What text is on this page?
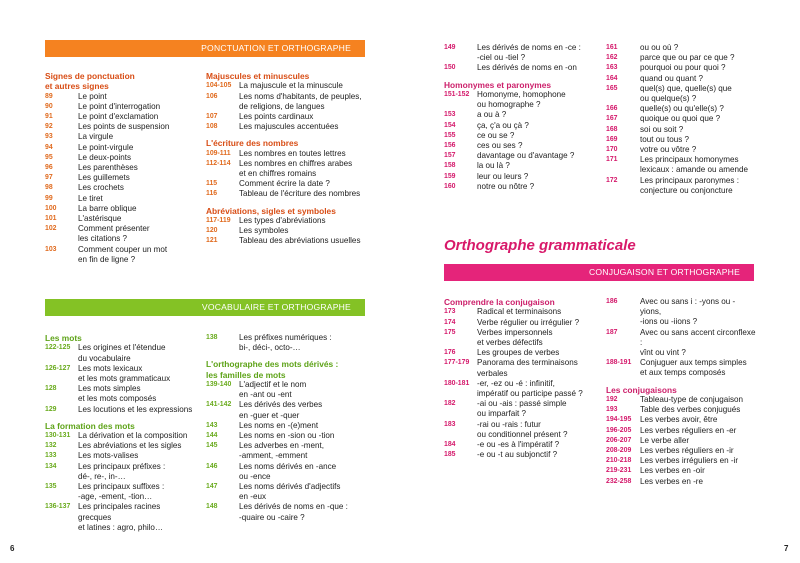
PONCTUATION ET ORTHOGRAPHE
VOCABULAIRE ET ORTHOGRAPHE
CONJUGAISON ET ORTHOGRAPHE
Orthographe grammaticale
Signes de ponctuation
et autres signes
89	Le point
90	Le point d'interrogation
91	Le point d'exclamation
92	Les points de suspension
93	La virgule
94	Le point-virgule
95	Le deux-points
96	Les parenthèses
97	Les guillemets
98	Les crochets
99	Le tiret
100	La barre oblique
101	L'astérisque
102	Comment présenter
les citations ?
103	Comment couper un mot
en fin de ligne ?
Majuscules et minuscules
104-105 La majuscule et la minuscule
106	Les noms d'habitants, de peuples,
de religions, de langues
107	Les points cardinaux
108	Les majuscules accentuées
L'écriture des nombres
109-111 Les nombres en toutes lettres
112-114 Les nombres en chiffres arabes
et en chiffres romains
115	Comment écrire la date ?
116	Tableau de l'écriture des nombres
Abréviations, sigles et symboles
117-119 Les types d'abréviations
120	Les symboles
121	Tableau des abréviations usuelles
Les mots
122-125 Les origines et l'étendue
du vocabulaire
126-127 Les mots lexicaux
et les mots grammaticaux
128	Les mots simples
et les mots composés
129	Les locutions et les expressions
La formation des mots
130-131 La dérivation et la composition
132	Les abréviations et les sigles
133	Les mots-valises
134	Les principaux préfixes :
dé-, re-, in-…
135	Les principaux suffixes :
-age, -ement, -tion…
136-137 Les principales racines grecques
et latines : agro, philo…
138	Les préfixes numériques :
bi-, déci-, octo-…
L'orthographe des mots dérivés :
les familles de mots
139-140 L'adjectif et le nom
en -ant ou -ent
141-142 Les dérivés des verbes
en -guer et -quer
143	Les noms en -(e)ment
144	Les noms en -sion ou -tion
145	Les adverbes en -ment,
-amment, -emment
146	Les noms dérivés en -ance
ou -ence
147	Les noms dérivés d'adjectifs
en -eux
148	Les dérivés de noms en -que :
-quaire ou -caire ?
149	Les dérivés de noms en -ce :
-ciel ou -tiel ?
150	Les dérivés de noms en -on
Homonymes et paronymes
151-152 Homonyme, homophone
ou homographe ?
153	a ou à ?
154	ça, ç'a ou çà ?
155	ce ou se ?
156	ces ou ses ?
157	davantage ou d'avantage ?
158	la ou là ?
159	leur ou leurs ?
160	notre ou nôtre ?
161	ou ou où ?
162	parce que ou par ce que ?
163	pourquoi ou pour quoi ?
164	quand ou quant ?
165	quel(s) que, quelle(s) que
ou quelque(s) ?
166	quelle(s) ou qu'elle(s) ?
167	quoique ou quoi que ?
168	soi ou soit ?
169	tout ou tous ?
170	votre ou vôtre ?
171	Les principaux homonymes
lexicaux : amande ou amende
172	Les principaux paronymes :
conjecture ou conjoncture
Comprendre la conjugaison
173	Radical et terminaisons
174	Verbe régulier ou irrégulier ?
175	Verbes impersonnels
et verbes défectifs
176	Les groupes de verbes
177-179 Panorama des terminaisons
verbales
180-181 -er, -ez ou -é : infinitif,
impératif ou participe passé ?
182	-ai ou -ais : passé simple
ou imparfait ?
183	-rai ou -rais : futur
ou conditionnel présent ?
184	-e ou -es à l'impératif ?
185	-e ou -t au subjonctif ?
186	Avec ou sans i : -yons ou -yions,
-ions ou -iions ?
187	Avec ou sans accent circonflexe :
vînt ou vint ?
188-191 Conjuguer aux temps simples
et aux temps composés
Les conjugaisons
192	Tableau-type de conjugaison
193	Table des verbes conjugués
194-195 Les verbes avoir, être
196-205 Les verbes réguliers en -er
206-207 Le verbe aller
208-209 Les verbes réguliers en -ir
210-218 Les verbes irréguliers en -ir
219-231 Les verbes en -oir
232-258 Les verbes en -re
6	7
